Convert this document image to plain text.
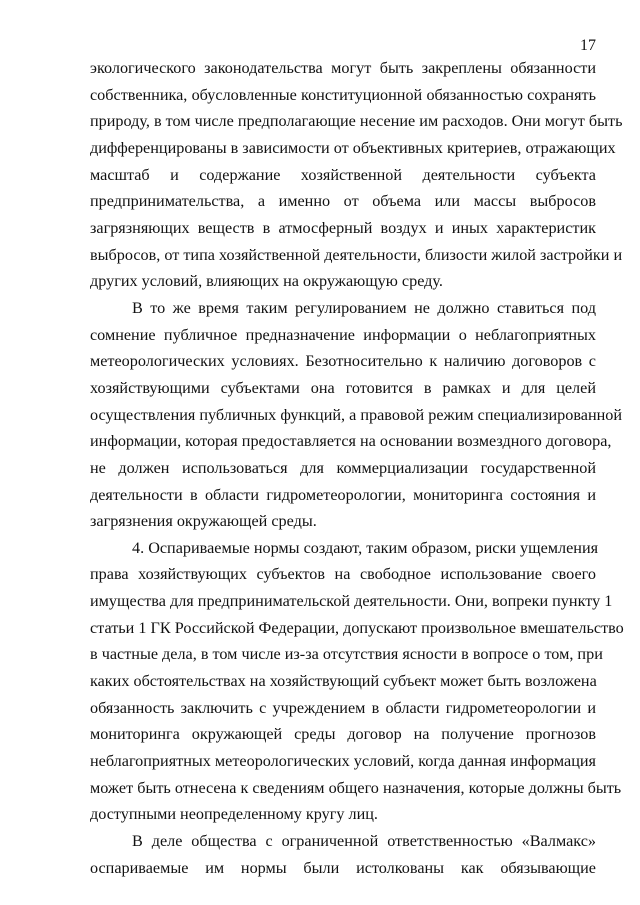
17

экологического законодательства могут быть закреплены обязанности
собственника, обусловленные конституционной обязанностью сохранять
природу, в том числе предполагающие несение им расходов. Они могут быть
дифференцированы в зависимости от объективных критериев, отражающих
масштаб и содержание хозяйственной деятельности субъекта
предпринимательства, а именно от объема или массы выбросов
загрязняющих веществ в атмосферный воздух и иных характеристик
выбросов, от типа хозяйственной деятельности, близости жилой застройки и
других условий, влияющих на окружающую среду.

В то же время таким регулированием не должно ставиться под
сомнение публичное предназначение информации о неблагоприятных
метеорологических условиях. Безотносительно к наличию договоров с
хозяйствующими субъектами она готовится в рамках и для целей
осуществления публичных функций, а правовой режим специализированной
информации, которая предоставляется на основании возмездного договора,
не должен использоваться для коммерциализации государственной
деятельности в области гидрометеорологии, мониторинга состояния и
загрязнения окружающей среды.

4. Оспариваемые нормы создают, таким образом, риски ущемления
права хозяйствующих субъектов на свободное использование своего
имущества для предпринимательской деятельности. Они, вопреки пункту 1
статьи 1 ГК Российской Федерации, допускают произвольное вмешательство
в частные дела, в том числе из-за отсутствия ясности в вопросе о том, при
каких обстоятельствах на хозяйствующий субъект может быть возложена
обязанность заключить с учреждением в области гидрометеорологии и
мониторинга окружающей среды договор на получение прогнозов
неблагоприятных метеорологических условий, когда данная информация
может быть отнесена к сведениям общего назначения, которые должны быть
доступными неопределенному кругу лиц.

В деле общества с ограниченной ответственностью «Валмакс»
оспариваемые им нормы были истолкованы как обязывающие
